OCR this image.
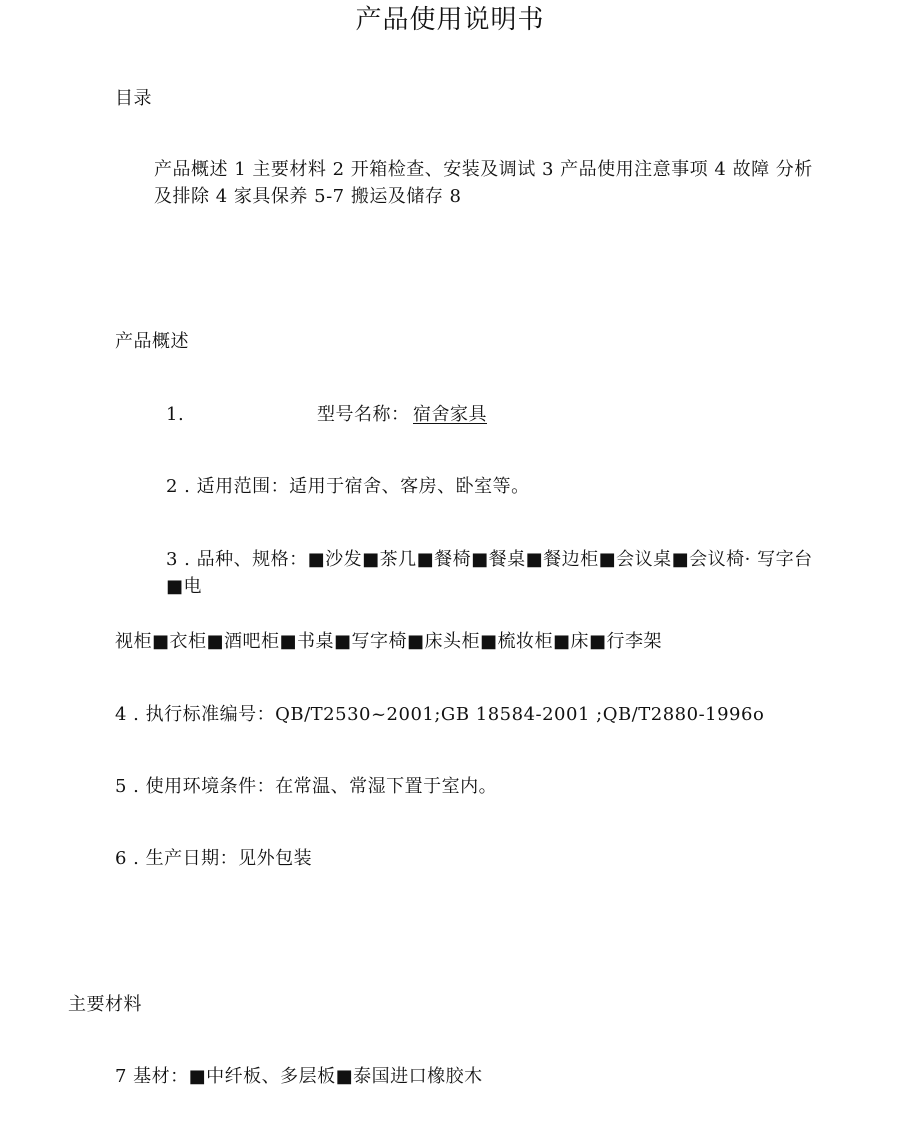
产品使用说明书
目录
产品概述 1 主要材料 2 开箱检查、安装及调试 3 产品使用注意事项 4 故障 分析及排除 4 家具保养 5-7 搬运及储存 8
产品概述
1.	型号名称： 宿舍家具
2 . 适用范围：适用于宿舍、客房、卧室等。
3 . 品种、规格：■沙发■茶几■餐椅■餐桌■餐边柜■会议桌■会议椅· 写字台■电
视柜■衣柜■酒吧柜■书桌■写字椅■床头柜■梳妆柜■床■行李架
4 . 执行标准编号：QB/T2530~2001;GB 18584-2001 ;QB/T2880-1996o
5 . 使用环境条件：在常温、常湿下置于室内。
6 . 生产日期：见外包装
主要材料
7 基材：■中纤板、多层板■泰国进口橡胶木
